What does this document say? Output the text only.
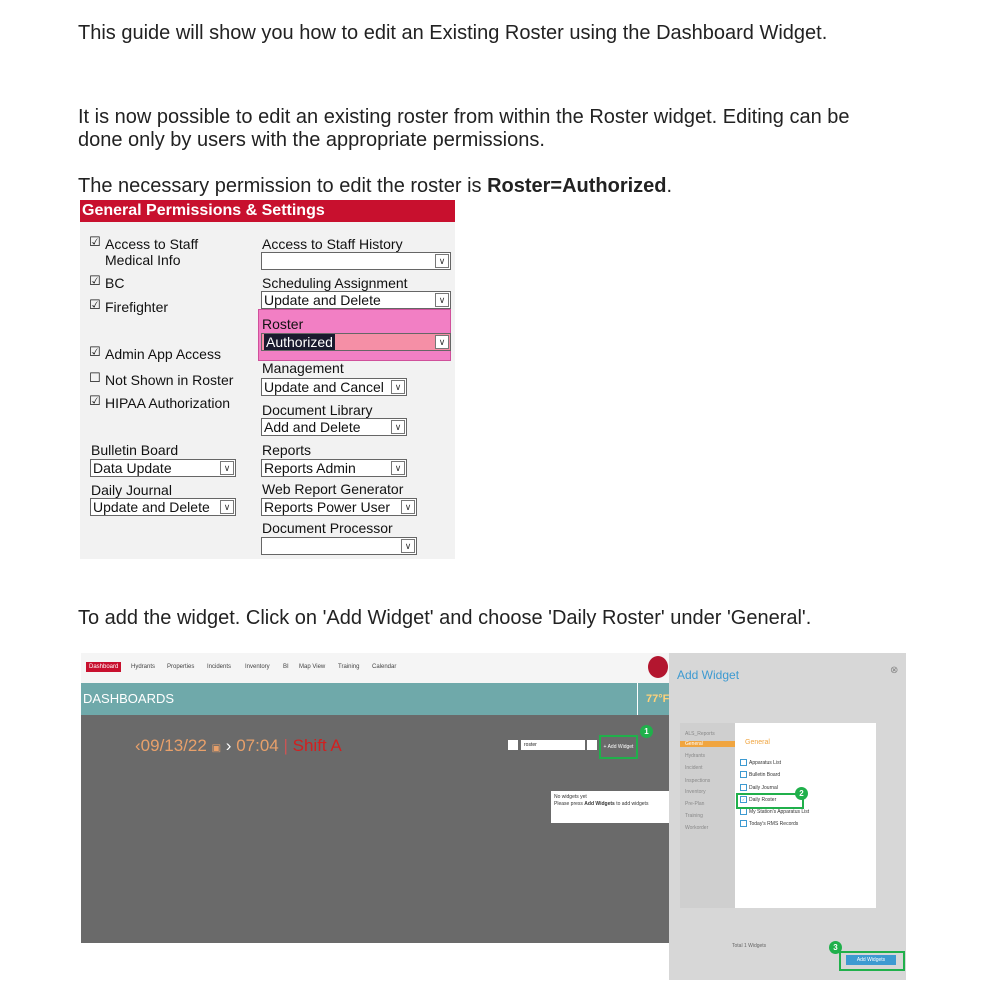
This guide will show you how to edit an Existing Roster using the Dashboard Widget.

It is now possible to edit an existing roster from within the Roster widget. Editing can be done only by users with the appropriate permissions.

The necessary permission to edit the roster is Roster=Authorized.

General Permissions & Settings
☑ Access to Staff Medical Info
☑ BC
☑ Firefighter
☑ Admin App Access
☐ Not Shown in Roster
☑ HIPAA Authorization
Bulletin Board
Data Update	∨
Daily Journal
Update and Delete	∨
Access to Staff History
∨
Scheduling Assignment
Update and Delete	∨
Roster
Authorized	∨
Management
Update and Cancel	∨
Document Library
Add and Delete	∨
Reports
Reports Admin	∨
Web Report Generator
Reports Power User	∨
Document Processor
∨

To add the widget. Click on 'Add Widget' and choose 'Daily Roster' under 'General'.

Dashboard	Hydrants Properties Incidents Inventory BI Map View Training Calendar
DASHBOARDS	77°F
‹09/13/22 ▣ › 07:04 | Shift A	roster	+ Add Widget
1
No widgets yet
Please press Add Widgets to add widgets
Add Widget	⊗
ALS_Reports
General
Hydrants
Incident
Inspections
Inventory
Pre-Plan
Training
Workorder
General
Apparatus List
Bulletin Board
Daily Journal
✓ Daily Roster
My Station's Apparatus List
Today's RMS Records
2
Total 1 Widgets	3
Add Widgets
